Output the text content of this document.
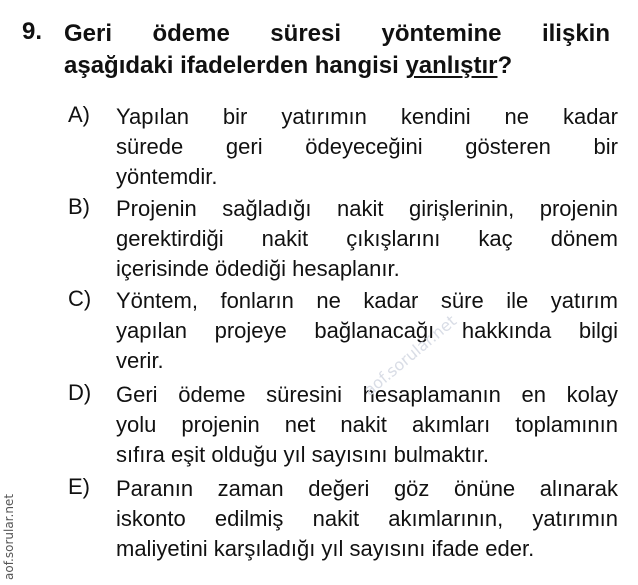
9. Geri ödeme süresi yöntemine ilişkin
aşağıdaki ifadelerden hangisi yanlıştır?
A) Yapılan bir yatırımın kendini ne kadar
sürede geri ödeyeceğini gösteren bir
yöntemdir.
B) Projenin sağladığı nakit girişlerinin, projenin
gerektirdiği nakit çıkışlarını kaç dönem
içerisinde ödediği hesaplanır.
C) Yöntem, fonların ne kadar süre ile yatırım
yapılan projeye bağlanacağı hakkında bilgi
verir.
D) Geri ödeme süresini hesaplamanın en kolay
yolu projenin net nakit akımları toplamının
sıfıra eşit olduğu yıl sayısını bulmaktır.
E) Paranın zaman değeri göz önüne alınarak
iskonto edilmiş nakit akımlarının, yatırımın
maliyetini karşıladığı yıl sayısını ifade eder.
aof.sorular.net
aof.sorular.net
